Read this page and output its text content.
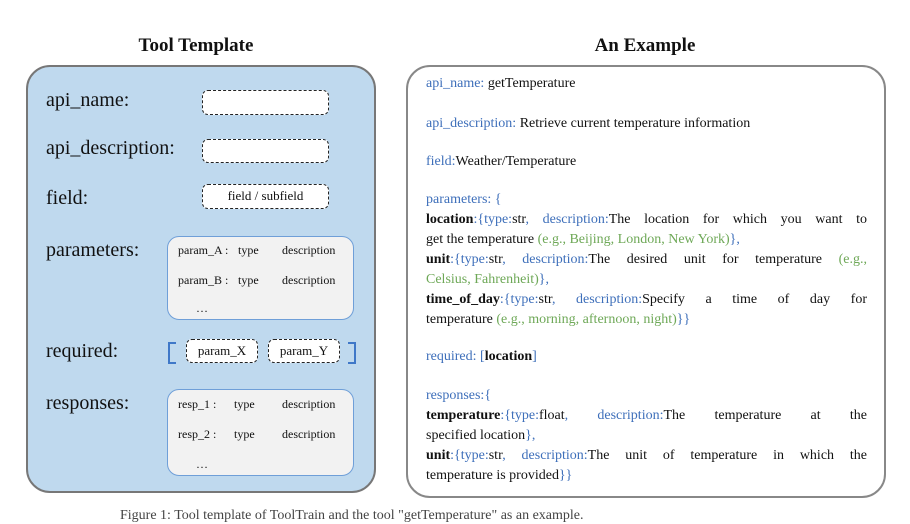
Tool Template	An Example
api_name:
api_description:
field:	field / subfield
parameters:	param_A : type description
param_B : type description
…
required:	param_X	param_Y
responses:	resp_1 : type description
resp_2 : type description
…
api_name: getTemperature
api_description: Retrieve current temperature information
field:Weather/Temperature
parameters: {
location:{type:str, description:The location for which you want to
get the temperature (e.g., Beijing, London, New York)},
unit:{type:str, description:The desired unit for temperature (e.g.,
Celsius, Fahrenheit)},
time_of_day:{type:str, description:Specify a time of day for
temperature (e.g., morning, afternoon, night)}}
required: [location]
responses:{
temperature:{type:float, description:The temperature at the
specified location},
unit:{type:str, description:The unit of temperature in which the
temperature is provided}}
Figure 1: Tool template of ToolTrain and the tool "getTemperature" as an example.
